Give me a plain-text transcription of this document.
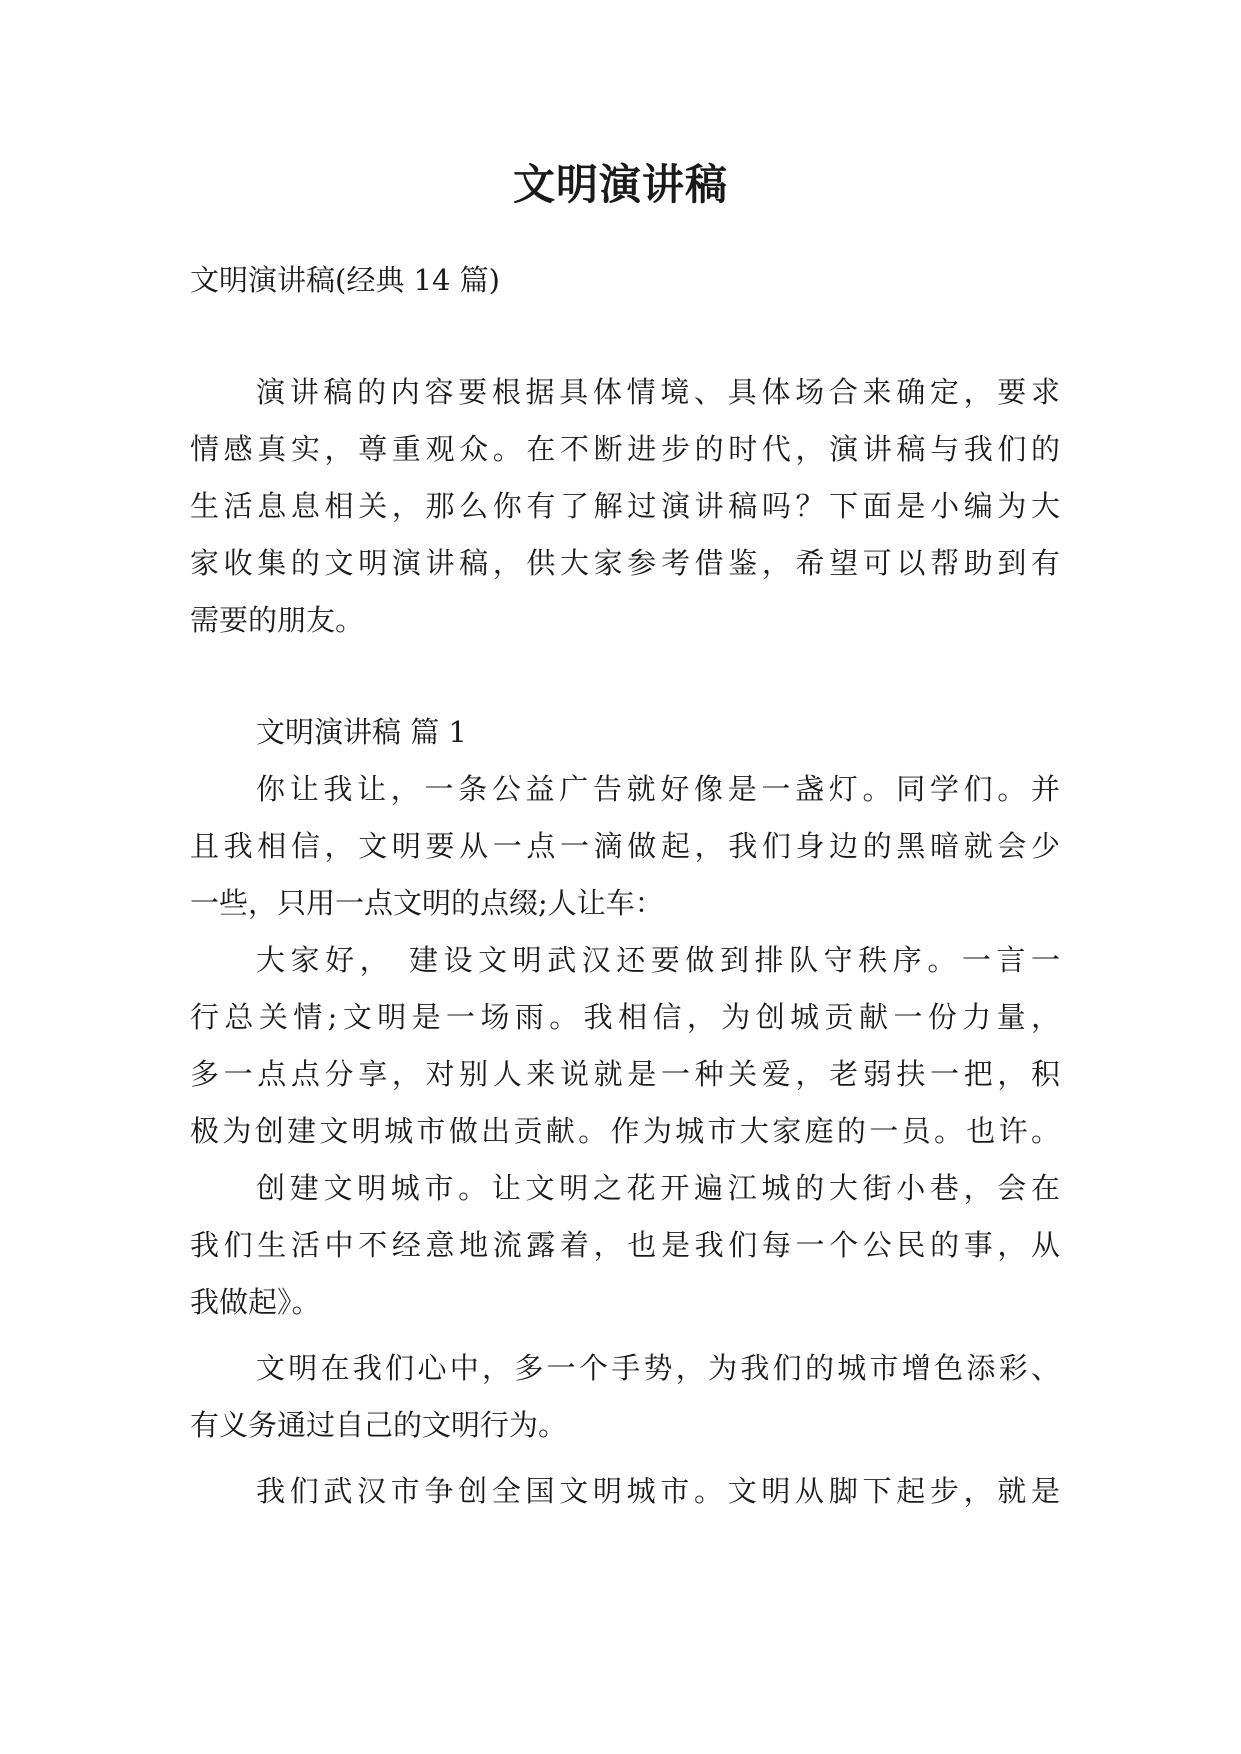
文明演讲稿

文明演讲稿(经典 14 篇)

演讲稿的内容要根据具体情境、具体场合来确定，要求

情感真实，尊重观众。在不断进步的时代，演讲稿与我们的

生活息息相关，那么你有了解过演讲稿吗？下面是小编为大

家收集的文明演讲稿，供大家参考借鉴，希望可以帮助到有

需要的朋友。

文明演讲稿 篇 1

你让我让，一条公益广告就好像是一盏灯。同学们。并

且我相信，文明要从一点一滴做起，我们身边的黑暗就会少

一些，只用一点文明的点缀;人让车：

大家好， 建设文明武汉还要做到排队守秩序。一言一

行总关情;文明是一场雨。我相信，为创城贡献一份力量，

多一点点分享，对别人来说就是一种关爱，老弱扶一把，积

极为创建文明城市做出贡献。作为城市大家庭的一员。也许。

创建文明城市。让文明之花开遍江城的大街小巷，会在

我们生活中不经意地流露着，也是我们每一个公民的事，从

我做起》。

文明在我们心中，多一个手势，为我们的城市增色添彩、

有义务通过自己的文明行为。

我们武汉市争创全国文明城市。文明从脚下起步，就是
